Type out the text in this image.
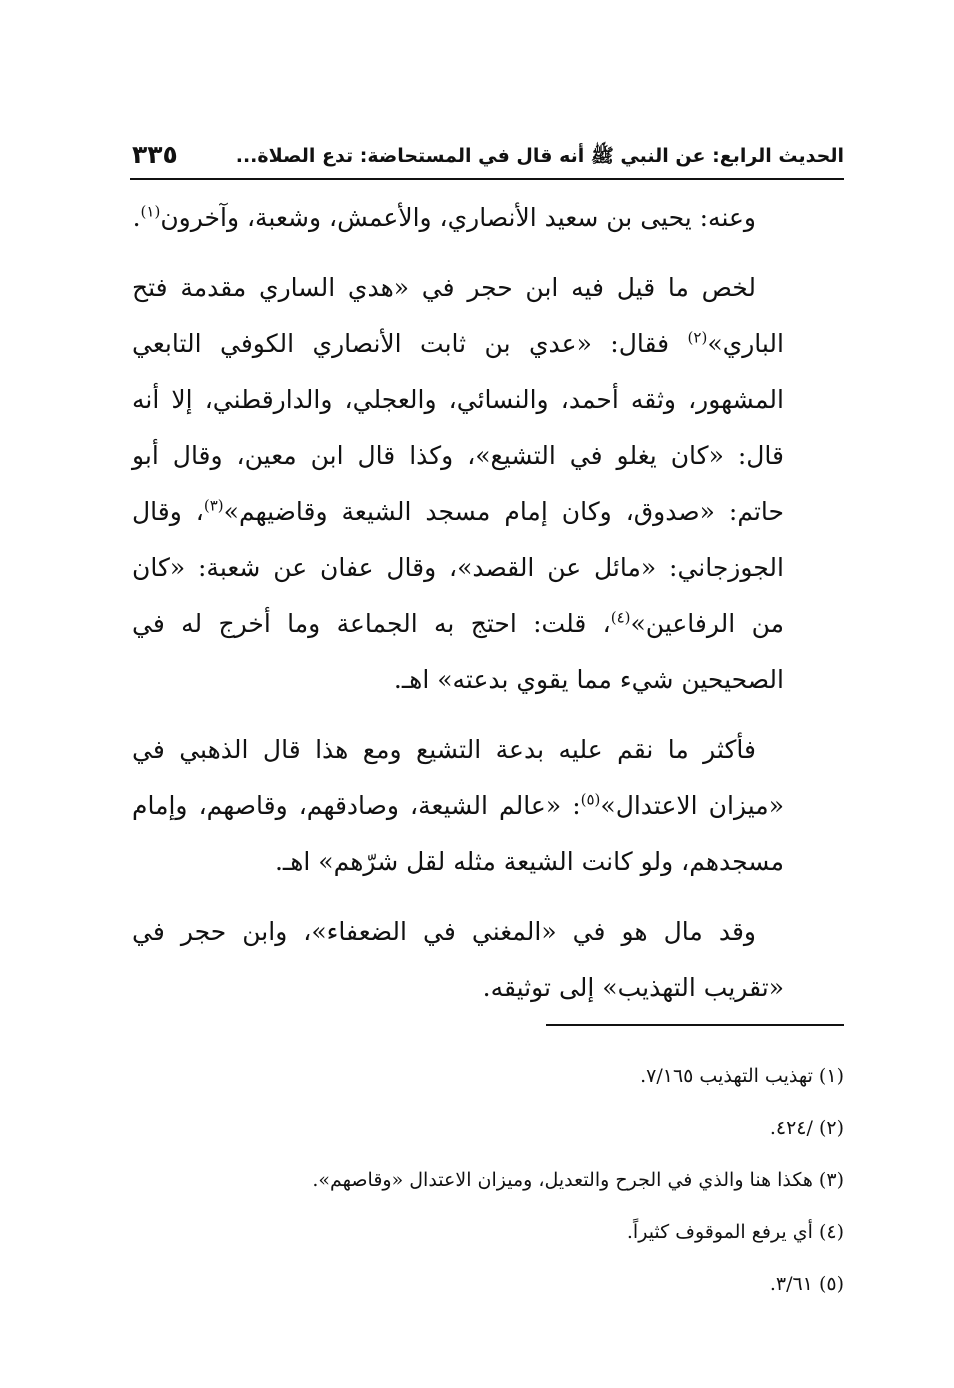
الحديث الرابع: عن النبي ﷺ أنه قال في المستحاضة: تدع الصلاة...
٣٣٥

وعنه: يحيى بن سعيد الأنصاري، والأعمش، وشعبة، وآخرون$^{(١)}$.

لخص ما قيل فيه ابن حجر في «هدي الساري مقدمة فتح الباري»$^{(٢)}$ فقال: «عدي بن ثابت الأنصاري الكوفي التابعي المشهور، وثقه أحمد، والنسائي، والعجلي، والدارقطني، إلا أنه قال: «كان يغلو في التشيع»، وكذا قال ابن معين، وقال أبو حاتم: «صدوق، وكان إمام مسجد الشيعة وقاضيهم»$^{(٣)}$، وقال الجوزجاني: «مائل عن القصد»، وقال عفان عن شعبة: «كان من الرفاعين»$^{(٤)}$، قلت: احتج به الجماعة وما أخرج له في الصحيحين شيء مما يقوي بدعته» اهـ.

فأكثر ما نقم عليه بدعة التشيع ومع هذا قال الذهبي في «ميزان الاعتدال»$^{(٥)}$: «عالم الشيعة، وصادقهم، وقاصهم، وإمام مسجدهم، ولو كانت الشيعة مثله لقل شرّهم» اهـ.

وقد مال هو في «المغني في الضعفاء»، وابن حجر في «تقريب التهذيب» إلى توثيقه.

(١) تهذيب التهذيب ٧/١٦٥.
(٢) /٤٢٤.
(٣) هكذا هنا والذي في الجرح والتعديل، وميزان الاعتدال «وقاصهم».
(٤) أي يرفع الموقوف كثيراً.
(٥) ٣/٦١.
